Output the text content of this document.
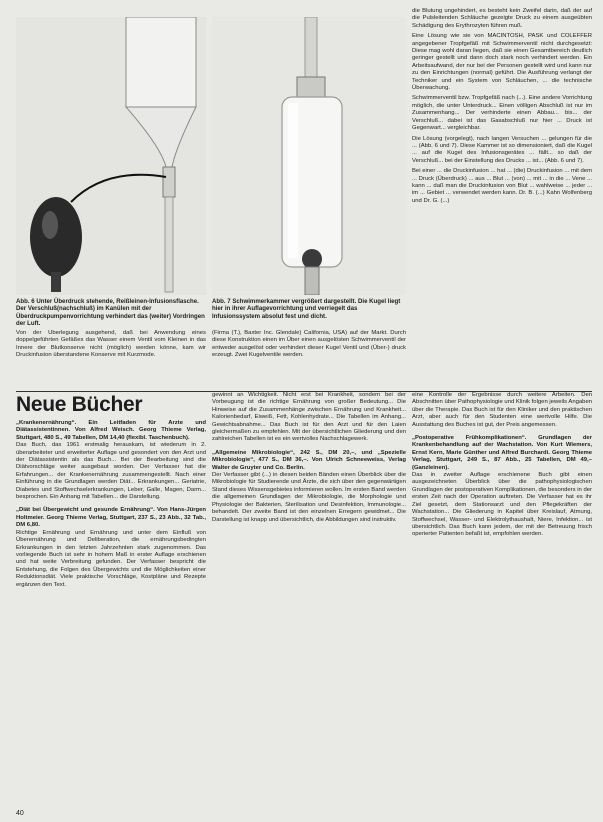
Abb. 6 Unter Überdruck stehende, Reißleinen-Infusionsflasche. Der Verschluß(nachschluß) im Kanülen mit der Überdruckpumpenvorrichtung verhindert das (weiter) Vordringen der Luft.
Abb. 7 Schwimmerkammer vergrößert dargestellt. Die Kugel liegt hier in ihrer Auflagevorrichtung und verriegelt das Infusionssystem absolut fest und dicht.

Von der Überlegung ausgehend, daß bei Anwendung eines doppelgeführten Gefäßes das Wasser einem Ventil vom Kleinen in das Innere der Blutkonserve nicht (möglich) werden könne, kam wir Druckinfusion überstandene Konserve mit Kurzmode.

(Firma (T.), Baxter Inc. Glendale) California, USA) auf der Markt. Durch diese Konstruktion einen im Über einen ausgelösten Schwimmerventil der entweder ausgelöst oder verhindert dieser Kugel Ventil und (Über-) druck erzeugt. Zwei Kugelventile werden.

die Blutung ungehindert, es besteht kein Zweifel darin, daß der auf die Pulsleitenden Schläuche gezeigte Druck zu einem ausgeübten Schädigung des Erythrozyten führen muß.

Eine Lösung wie sie von MACINTOSH, PASK und COLEFFER angegebener Tropfgefäß mit Schwimmerventil nicht durchgesetzt: Diese mag wohl daran liegen, daß sie einen Gesamtbereich deutlich geringer gestellt und dann doch stark noch verhindert werden. Ein Arbeitsaufwand, der nur bei der Personen gestellt wird und kann nur zu den Einrichtungen (normal) geführt. Die Ausführung verlangt der Techniker und ein System von Schläuchen, ... die technische Überwachung.

Schwimmerventil bzw. Tropfgefäß nach (...). Eine andere Vorrichtung möglich, die unter Unterdruck... Einen völligen Abschluß ist nur im Zusammenhang... Der verhinderte einen Abbau... bis... der Verschluß... dabei ist das Gasabschluß nur hier ... Druck ist Gegenwart... vergleichbar.

Die Lösung (vorgelegt), nach langen Versuchen ... gelungen für die ... (Abb. 6 und 7). Diese Kammer ist so dimensioniert, daß die Kugel ... auf die Kugel des Infusionsgerätes ... fällt... so daß der Verschluß... bei der Einstellung des Drucks ... ist... (Abb. 6 und 7).

Bei einer ... die Druckinfusion ... hat ... (die) Druckinfusion ... mit dem ... Druck (Überdruck) ... aus ... Blut ... (von) ... mit ... in die ... Vene ... kann ... daß man die Druckinfusion von Blut ... wahlweise ... jeder ... im ... Gebiet ... verwendet werden kann. Dr. B. (...) Kahn Wolfenberg und Dr. G. (...)

Neue Bücher
„Krankenernährung“. Ein Leitfaden für Ärzte und Diätassistentinnen. Von Alfred Weisch. Georg Thieme Verlag, Stuttgart, 480 S., 49 Tabellen, DM 14,40 (flexibl. Taschenbuch).
Das Buch, das 1961 erstmalig herauskam, ist wiederum in 2. überarbeiteter und erweiterter Auflage und gesondert von den Arzt und der Diätassistentin als das Buch... Bei der Bearbeitung sind die Diätvorschläge weiter ausgebaut worden. Der Verfasser hat die Erfahrungen... der Krankenernährung zusammengestellt. Nach einer Einführung in die Grundlagen werden Diät... Erkrankungen... Geriatrie, Diabetes und Stoffwechselerkrankungen, Leber, Galle, Magen, Darm... besprochen. Ein Anhang mit Tabellen... die Darstellung.
„Diät bei Übergewicht und gesunde Ernährung“. Von Hans-Jürgen Holtmeier. Georg Thieme Verlag, Stuttgart, 237 S., 23 Abb., 32 Tab., DM 6,80.
Richtige Ernährung und Ernährung und unter dem Einfluß von Überernährung und Deliberation, die ernährungsbedingten Erkrankungen in den letzten Jahrzehnten stark zugenommen. Das vorliegende Buch ist sehr in hohem Maß in erster Auflage erschienen und hat weite Verbreitung gefunden. Der Verfasser bespricht die Entstehung, die Folgen des Übergewichts und die Möglichkeiten einer Reduktionsdiät. Viele praktische Vorschläge, Kostpläne und Rezepte ergänzen den Text.
gewinnt an Wichtigkeit. Nicht erst bei Krankheit, sondern bei der Vorbeugung ist die richtige Ernährung von großer Bedeutung... Die Hinweise auf die Zusammenhänge zwischen Ernährung und Krankheit... Kalorienbedarf, Eiweiß, Fett, Kohlenhydrate... Die Tabellen im Anhang... Gewichtsabnahme... Das Buch ist für den Arzt und für den Laien gleichermaßen zu empfehlen. Mit der übersichtlichen Gliederung und den zahlreichen Tabellen ist es ein wertvolles Nachschlagewerk.
„Allgemeine Mikrobiologie“, 242 S., DM 20,–, und „Spezielle Mikrobiologie“, 477 S., DM 36,–. Von Ulrich Schneeweiss, Verlag Walter de Gruyter und Co. Berlin.
Der Verfasser gibt (...) in diesen beiden Bänden einen Überblick über die Mikrobiologie für Studierende und Ärzte, die sich über den gegenwärtigen Stand dieses Wissensgebietes informieren wollen. Im ersten Band werden die allgemeinen Grundlagen der Mikrobiologie, die Morphologie und Physiologie der Bakterien, Sterilisation und Desinfektion, Immunologie... behandelt. Der zweite Band ist den einzelnen Erregern gewidmet... Die Darstellung ist knapp und übersichtlich, die Abbildungen sind instruktiv.
eine Kontrolle der Ergebnisse durch weitere Arbeiten. Den Abschnitten über Pathophysiologie und Klinik folgen jeweils Angaben über die Therapie. Das Buch ist für den Kliniker und den praktischen Arzt, aber auch für den Studenten eine wertvolle Hilfe. Die Ausstattung des Buches ist gut, der Preis angemessen.
„Postoperative Frühkomplikationen“. Grundlagen der Krankenbehandlung auf der Wachstation. Von Kurt Wiemers, Ernst Kern, Marie Günther und Alfred Burchardi. Georg Thieme Verlag, Stuttgart, 249 S., 87 Abb., 25 Tabellen, DM 49,– (Ganzleinen).
Das in zweiter Auflage erschienene Buch gibt einen ausgezeichneten Überblick über die pathophysiologischen Grundlagen der postoperativen Komplikationen, die besonders in der ersten Zeit nach der Operation auftreten. Die Verfasser hat es ihr Ziel gesetzt, dem Stationsarzt und den Pflegekräften der Wachstation... Die Gliederung in Kapitel über Kreislauf, Atmung, Stoffwechsel, Wasser- und Elektrolythaushalt, Niere, Infektion... ist übersichtlich. Das Buch kann jedem, der mit der Betreuung frisch operierter Patienten befaßt ist, empfohlen werden.
40
